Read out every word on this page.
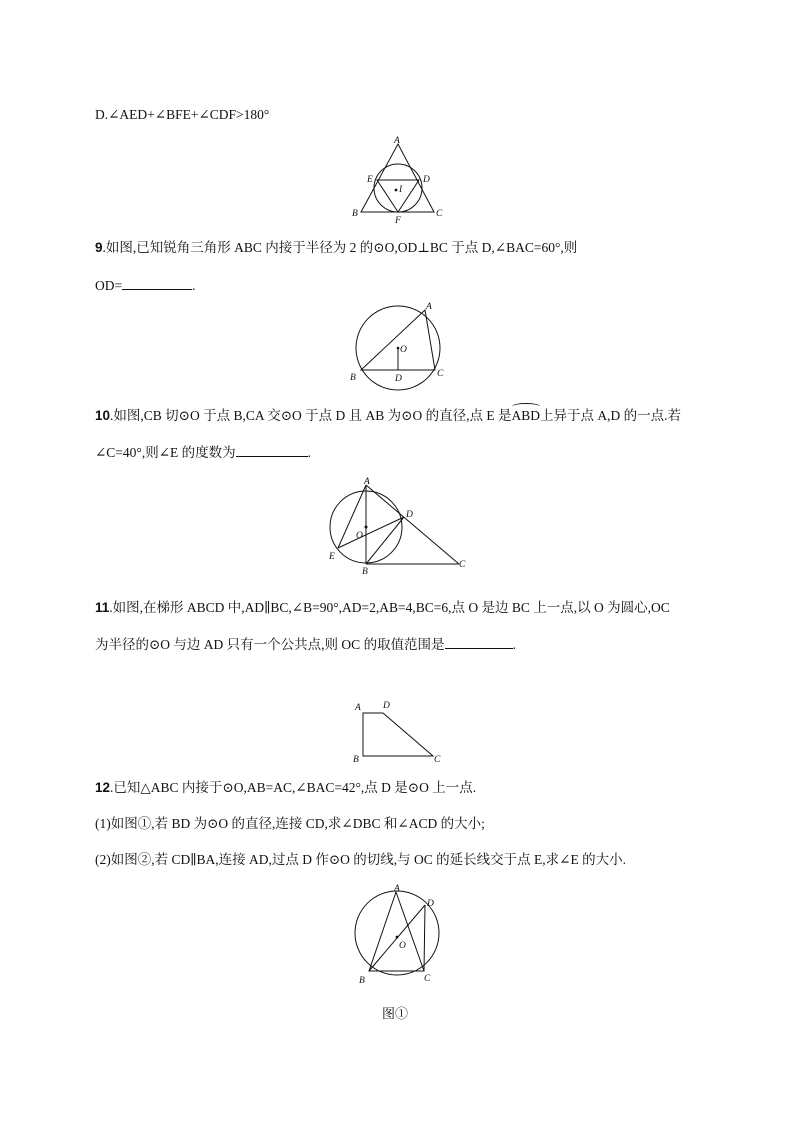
D.∠AED+∠BFE+∠CDF>180°
A
B	C
D
E
F
I
9.如图,已知锐角三角形 ABC 内接于半径为 2 的⊙O,OD⊥BC 于点 D,∠BAC=60°,则
OD=	.
A
B	C
D
O
10.如图,CB 切⊙O 于点 B,CA 交⊙O 于点 D 且 AB 为⊙O 的直径,点 E 是ABD上异于点 A,D 的一点.若
∠C=40°,则∠E 的度数为	.
A
B
C
D
E
O
11.如图,在梯形 ABCD 中,AD∥BC,∠B=90°,AD=2,AB=4,BC=6,点 O 是边 BC 上一点,以 O 为圆心,OC
为半径的⊙O 与边 AD 只有一个公共点,则 OC 的取值范围是	.
A D
B	C
12.已知△ABC 内接于⊙O,AB=AC,∠BAC=42°,点 D 是⊙O 上一点.
(1)如图①,若 BD 为⊙O 的直径,连接 CD,求∠DBC 和∠ACD 的大小;
(2)如图②,若 CD∥BA,连接 AD,过点 D 作⊙O 的切线,与 OC 的延长线交于点 E,求∠E 的大小.
A
B	C
D
O
图①
